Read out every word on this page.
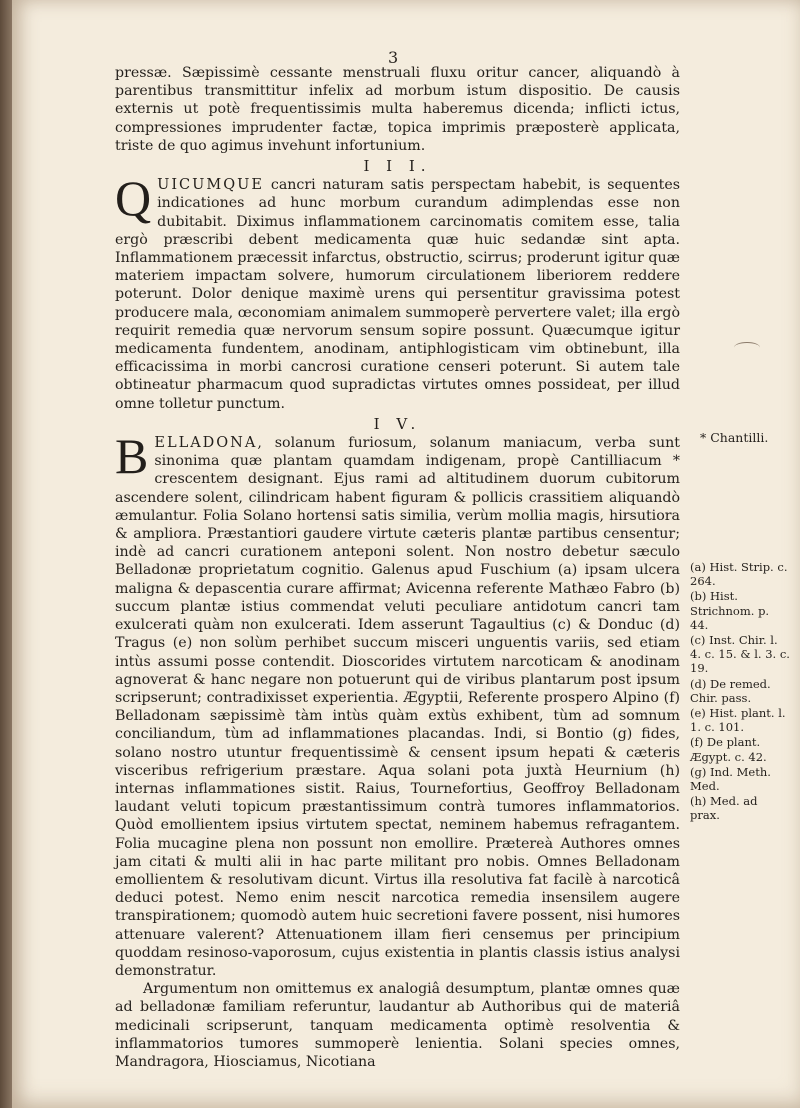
3

pressæ. Sæpissimè cessante menstruali fluxu oritur cancer, aliquandò à parentibus transmittitur infelix ad morbum istum dispositio. De causis externis ut potè frequentissimis multa haberemus dicenda; inflicti ictus, compressiones imprudenter factæ, topica imprimis præposterè applicata, triste de quo agimus invehunt infortunium.

I I I.

Q UICUMQUE cancri naturam satis perspectam habebit, is sequentes indicationes ad hunc morbum curandum adimplendas esse non dubitabit. Diximus inflammationem carcinomatis comitem esse, talia ergò præscribi debent medicamenta quæ huic sedandæ sint apta. Inflammationem præcessit infarctus, obstructio, scirrus; proderunt igitur quæ materiem impactam solvere, humorum circulationem liberiorem reddere poterunt. Dolor denique maximè urens qui persentitur gravissima potest producere mala, œconomiam animalem summoperè pervertere valet; illa ergò requirit remedia quæ nervorum sensum sopire possunt. Quæcumque igitur medicamenta fundentem, anodinam, antiphlogisticam vim obtinebunt, illa efficacissima in morbi cancrosi curatione censeri poterunt. Si autem tale obtineatur pharmacum quod supradictas virtutes omnes possideat, per illud omne tolletur punctum.

I V.

B ELLADONA, solanum furiosum, solanum maniacum, verba sunt sinonima quæ plantam quamdam indigenam, propè Cantilliacum * crescentem designant. Ejus rami ad altitudinem duorum cubitorum ascendere solent, cilindricam habent figuram & pollicis crassitiem aliquandò æmulantur. Folia Solano hortensi satis similia, verùm mollia magis, hirsutiora & ampliora. Præstantiori gaudere virtute cæteris plantæ partibus censentur; indè ad cancri curationem anteponi solent. Non nostro debetur sæculo Belladonæ proprietatum cognitio. Galenus apud Fuschium (a) ipsam ulcera maligna & depascentia curare affirmat; Avicenna referente Mathæo Fabro (b) succum plantæ istius commendat veluti peculiare antidotum cancri tam exulcerati quàm non exulcerati. Idem asserunt Tagaultius (c) & Donduc (d) Tragus (e) non solùm perhibet succum misceri unguentis variis, sed etiam intùs assumi posse contendit. Dioscorides virtutem narcoticam & anodinam agnoverat & hanc negare non potuerunt qui de viribus plantarum post ipsum scripserunt; contradixisset experientia. Ægyptii, Referente prospero Alpino (f) Belladonam sæpissimè tàm intùs quàm extùs exhibent, tùm ad somnum conciliandum, tùm ad inflammationes placandas. Indi, si Bontio (g) fides, solano nostro utuntur frequentissimè & censent ipsum hepati & cæteris visceribus refrigerium præstare. Aqua solani pota juxtà Heurnium (h) internas inflammationes sistit. Raius, Tournefortius, Geoffroy Belladonam laudant veluti topicum præstantissimum contrà tumores inflammatorios. Quòd emollientem ipsius virtutem spectat, neminem habemus refragantem. Folia mucagine plena non possunt non emollire. Prætereà Authores omnes jam citati & multi alii in hac parte militant pro nobis. Omnes Belladonam emollientem & resolutivam dicunt. Virtus illa resolutiva fat facilè à narcoticâ deduci potest. Nemo enim nescit narcotica remedia insensilem augere transpirationem; quomodò autem huic secretioni favere possent, nisi humores attenuare valerent? Attenuationem illam fieri censemus per principium quoddam resinoso-vaporosum, cujus existentia in plantis classis istius analysi demonstratur.

Argumentum non omittemus ex analogiâ desumptum, plantæ omnes quæ ad belladonæ familiam referuntur, laudantur ab Authoribus qui de materiâ medicinali scripserunt, tanquam medicamenta optimè resolventia & inflammatorios tumores summoperè lenientia. Solani species omnes, Mandragora, Hiosciamus, Nicotiana

* Chantilli.
(a) Hist. Strip. c. 264.
(b) Hist. Strichnom. p. 44.
(c) Inst. Chir. l. 4. c. 15. & l. 3. c. 19.
(d) De remed. Chir. pass.
(e) Hist. plant. l. 1. c. 101.
(f) De plant. Ægypt. c. 42.
(g) Ind. Meth. Med.
(h) Med. ad prax.
